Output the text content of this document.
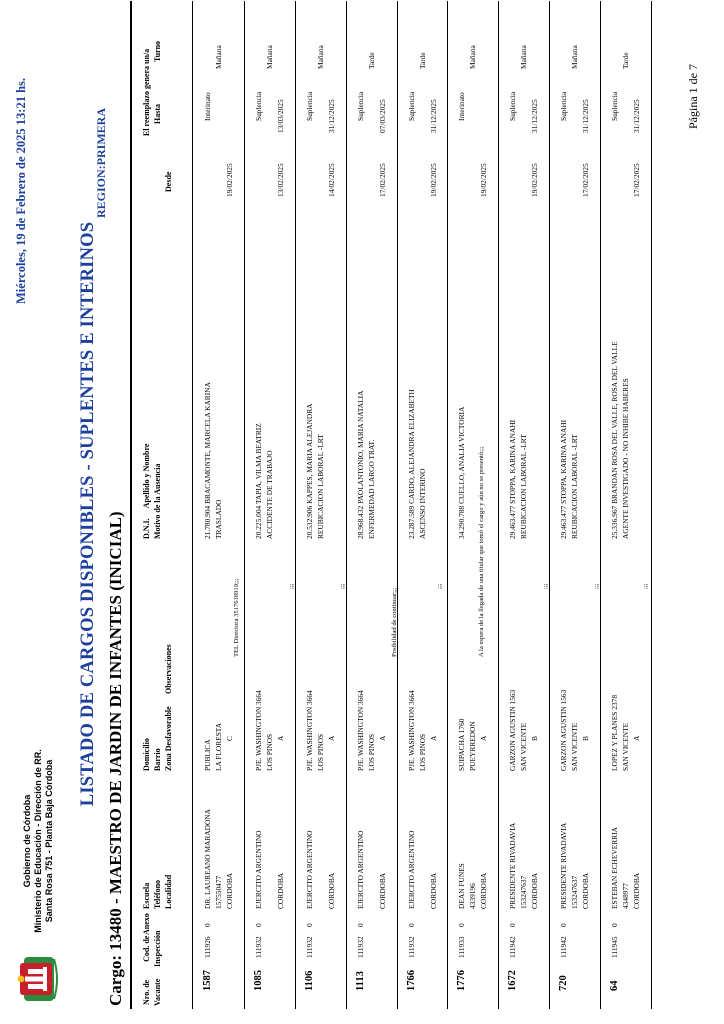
Gobierno de Córdoba Ministerio de Educación - Dirección de RR. Santa Rosa 751 - Planta Baja Córdoba
Miércoles, 19 de Febrero de 2025 13:21 hs.
LISTADO DE CARGOS DISPONIBLES - SUPLENTES E INTERINOS
REGION:PRIMERA
Cargo: 13480 - MAESTRO DE JARDIN DE INFANTES (INICIAL) Nro. de Vacante
Cod. de Inspección
Anexo
Escuela Teléfono Localidad
Domicilio Barrio Zona Desfavorable
Observaciones
D.N.I.     Apellido y Nombre Motivo de la Ausencia
Desde
El reemplazo genera un/a Hasta
Turno
1587
111926
0
DR. LAUREANO MARADONA 157550477 CORDOBA
PUBLICA LA FLORESTA C
TEL Directora 3517618919;;;
21.780.904 BRACAMONTE, MARCELA KARINA TRASLADO
19/02/2025
Interinato
Mañana
1085
111932
0
EJERCITO ARGENTINO CORDOBA
PJE. WASHINGTON 3664 LOS PINOS A
;;;
20.225.004 TAPIA, VILMA BEATRIZ ACCIDENTE DE TRABAJO
13/02/2025
Suplencia 13/03/2025
Mañana
1106
111932
0
EJERCITO ARGENTINO CORDOBA
PJE. WASHINGTON 3664 LOS PINOS A
;;;
20.532.906 KAPPES, MARIA ALEJANDRA REUBICACION LABORAL -LRT
14/02/2025
Suplencia 31/12/2025
Mañana
1113
111932
0
EJERCITO ARGENTINO CORDOBA
PJE. WASHINGTON 3664 LOS PINOS A
Posibilidad de continuar;;;
28.968.432 PAOLANTONIO, MARIA NATALIA ENFERMEDAD LARGO TRAT.
17/02/2025
Suplencia 07/03/2025
Tarde
1766
111932
0
EJERCITO ARGENTINO CORDOBA
PJE. WASHINGTON 3664 LOS PINOS A
;;;
23.287.589 CARDO, ALEJANDRA ELIZABETH ASCENSO INTERINO
19/02/2025
Suplencia 31/12/2025
Tarde
1776
111933
0
DEAN FUNES 4339196 CORDOBA
SUIPACHA 1760 PUEYRREDON A
A la espera de la llegada de una titular que tomó el cargo y aún no se presentó;;;
34.290.788 CUELLO, ANALIA VICTORIA
19/02/2025
Interinato
Mañana
1672
111942
0
PRESIDENTE RIVADAVIA 153247637 CORDOBA
GARZON AGUSTIN 1563 SAN VICENTE B
;;;
29.463.477 STOPPA, KARINA ANAHI REUBICACION LABORAL -LRT
19/02/2025
Suplencia 31/12/2025
Mañana
720
111942
0
PRESIDENTE RIVADAVIA 153247637 CORDOBA
GARZON AGUSTIN 1563 SAN VICENTE B
;;;
29.463.477 STOPPA, KARINA ANAHI REUBICACION LABORAL -LRT
17/02/2025
Suplencia 31/12/2025
Mañana
64
111945
0
ESTEBAN ECHEVERRIA 4348977 CORDOBA
LOPEZ Y PLANES 2378 SAN VICENTE A
;;;
25.336.967 BRANDAN ROSA DEL VALLE, ROSA DEL VALLE AGENTE INVESTIGADO - NO INHIBE HABERES
17/02/2025
Suplencia 31/12/2025
Tarde
Página 1 de 7
